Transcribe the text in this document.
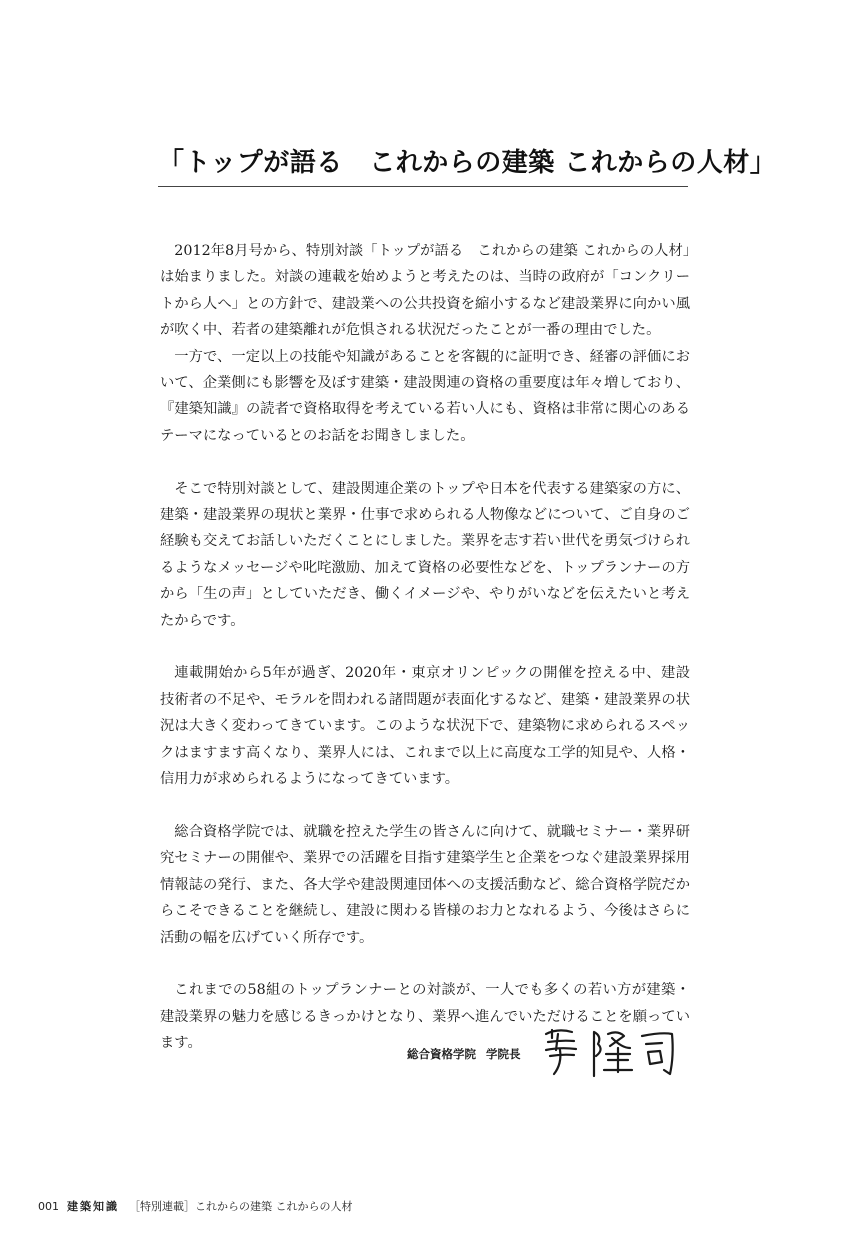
「トップが語る　これからの建築 これからの人材」

2012年8月号から、特別対談「トップが語る　これからの建築 これからの人材」は始まりました。対談の連載を始めようと考えたのは、当時の政府が「コンクリートから人へ」との方針で、建設業への公共投資を縮小するなど建設業界に向かい風が吹く中、若者の建築離れが危惧される状況だったことが一番の理由でした。

一方で、一定以上の技能や知識があることを客観的に証明でき、経審の評価において、企業側にも影響を及ぼす建築・建設関連の資格の重要度は年々増しており、『建築知識』の読者で資格取得を考えている若い人にも、資格は非常に関心のあるテーマになっているとのお話をお聞きしました。

そこで特別対談として、建設関連企業のトップや日本を代表する建築家の方に、建築・建設業界の現状と業界・仕事で求められる人物像などについて、ご自身のご経験も交えてお話しいただくことにしました。業界を志す若い世代を勇気づけられるようなメッセージや叱咤激励、加えて資格の必要性などを、トップランナーの方から「生の声」としていただき、働くイメージや、やりがいなどを伝えたいと考えたからです。

連載開始から5年が過ぎ、2020年・東京オリンピックの開催を控える中、建設技術者の不足や、モラルを問われる諸問題が表面化するなど、建築・建設業界の状況は大きく変わってきています。このような状況下で、建築物に求められるスペックはますます高くなり、業界人には、これまで以上に高度な工学的知見や、人格・信用力が求められるようになってきています。

総合資格学院では、就職を控えた学生の皆さんに向けて、就職セミナー・業界研究セミナーの開催や、業界での活躍を目指す建築学生と企業をつなぐ建設業界採用情報誌の発行、また、各大学や建設関連団体への支援活動など、総合資格学院だからこそできることを継続し、建設に関わる皆様のお力となれるよう、今後はさらに活動の幅を広げていく所存です。

これまでの58組のトップランナーとの対談が、一人でも多くの若い方が建築・建設業界の魅力を感じるきっかけとなり、業界へ進んでいただけることを願っています。

総合資格学院 学院長
001 建築知識 ［特別連載］これからの建築 これからの人材
